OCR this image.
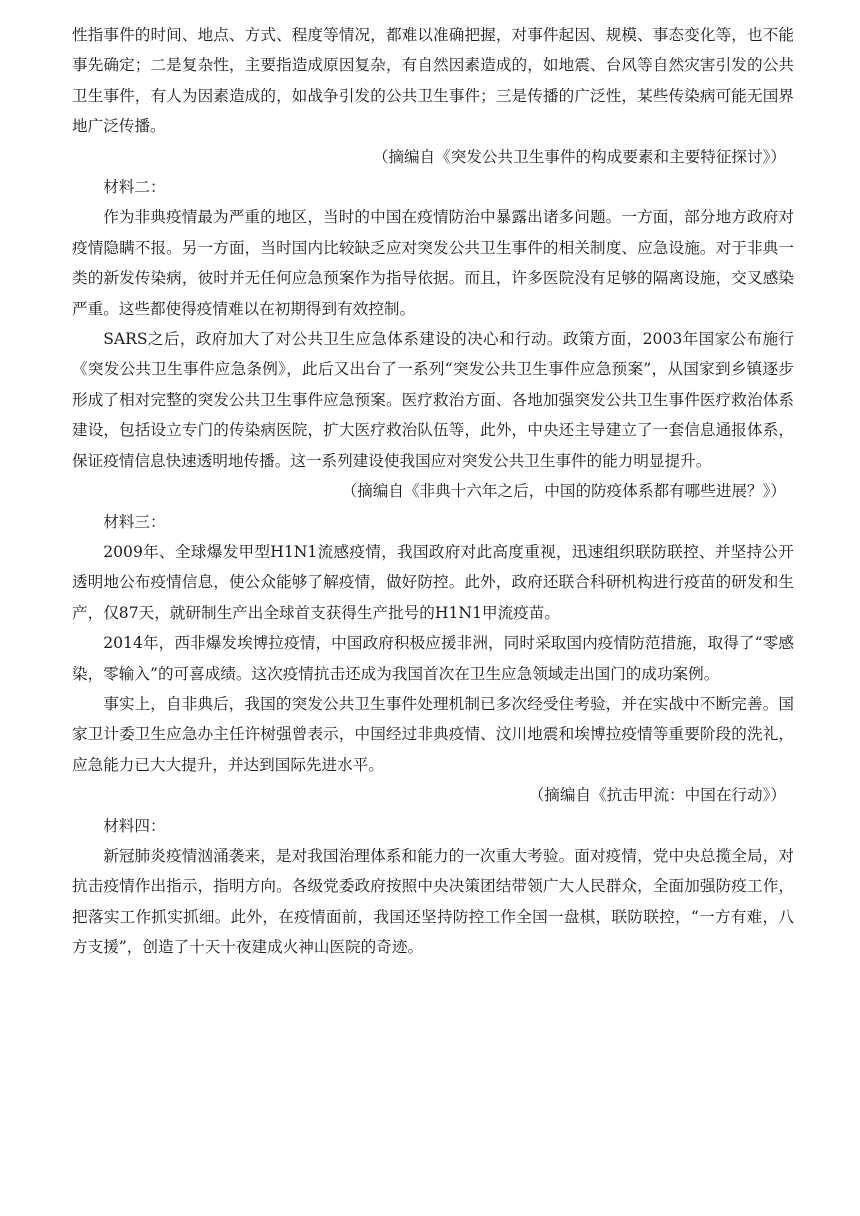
性指事件的时间、地点、方式、程度等情况，都难以准确把握，对事件起因、规模、事态变化等，也不能事先确定；二是复杂性，主要指造成原因复杂，有自然因素造成的，如地震、台风等自然灾害引发的公共卫生事件，有人为因素造成的，如战争引发的公共卫生事件；三是传播的广泛性，某些传染病可能无国界地广泛传播。

（摘编自《突发公共卫生事件的构成要素和主要特征探讨》）

材料二：

作为非典疫情最为严重的地区，当时的中国在疫情防治中暴露出诸多问题。一方面，部分地方政府对疫情隐瞒不报。另一方面，当时国内比较缺乏应对突发公共卫生事件的相关制度、应急设施。对于非典一类的新发传染病，彼时并无任何应急预案作为指导依据。而且，许多医院没有足够的隔离设施，交叉感染严重。这些都使得疫情难以在初期得到有效控制。

SARS之后，政府加大了对公共卫生应急体系建设的决心和行动。政策方面，2003年国家公布施行《突发公共卫生事件应急条例》，此后又出台了一系列“突发公共卫生事件应急预案”，从国家到乡镇逐步形成了相对完整的突发公共卫生事件应急预案。医疗救治方面、各地加强突发公共卫生事件医疗救治体系建设，包括设立专门的传染病医院，扩大医疗救治队伍等，此外，中央还主导建立了一套信息通报体系，保证疫情信息快速透明地传播。这一系列建设使我国应对突发公共卫生事件的能力明显提升。

（摘编自《非典十六年之后，中国的防疫体系都有哪些进展？》）

材料三：

2009年、全球爆发甲型H1N1流感疫情，我国政府对此高度重视，迅速组织联防联控、并坚持公开透明地公布疫情信息，使公众能够了解疫情，做好防控。此外，政府还联合科研机构进行疫苗的研发和生产，仅87天，就研制生产出全球首支获得生产批号的H1N1甲流疫苗。

2014年，西非爆发埃博拉疫情，中国政府积极应援非洲，同时采取国内疫情防范措施，取得了“零感染，零输入”的可喜成绩。这次疫情抗击还成为我国首次在卫生应急领域走出国门的成功案例。

事实上，自非典后，我国的突发公共卫生事件处理机制已多次经受住考验，并在实战中不断完善。国家卫计委卫生应急办主任许树强曾表示，中国经过非典疫情、汶川地震和埃博拉疫情等重要阶段的洗礼，应急能力已大大提升，并达到国际先进水平。

（摘编自《抗击甲流：中国在行动》）

材料四：

新冠肺炎疫情汹涌袭来，是对我国治理体系和能力的一次重大考验。面对疫情，党中央总揽全局，对抗击疫情作出指示，指明方向。各级党委政府按照中央决策团结带领广大人民群众，全面加强防疫工作，把落实工作抓实抓细。此外，在疫情面前，我国还坚持防控工作全国一盘棋，联防联控，“一方有难，八方支援”，创造了十天十夜建成火神山医院的奇迹。
